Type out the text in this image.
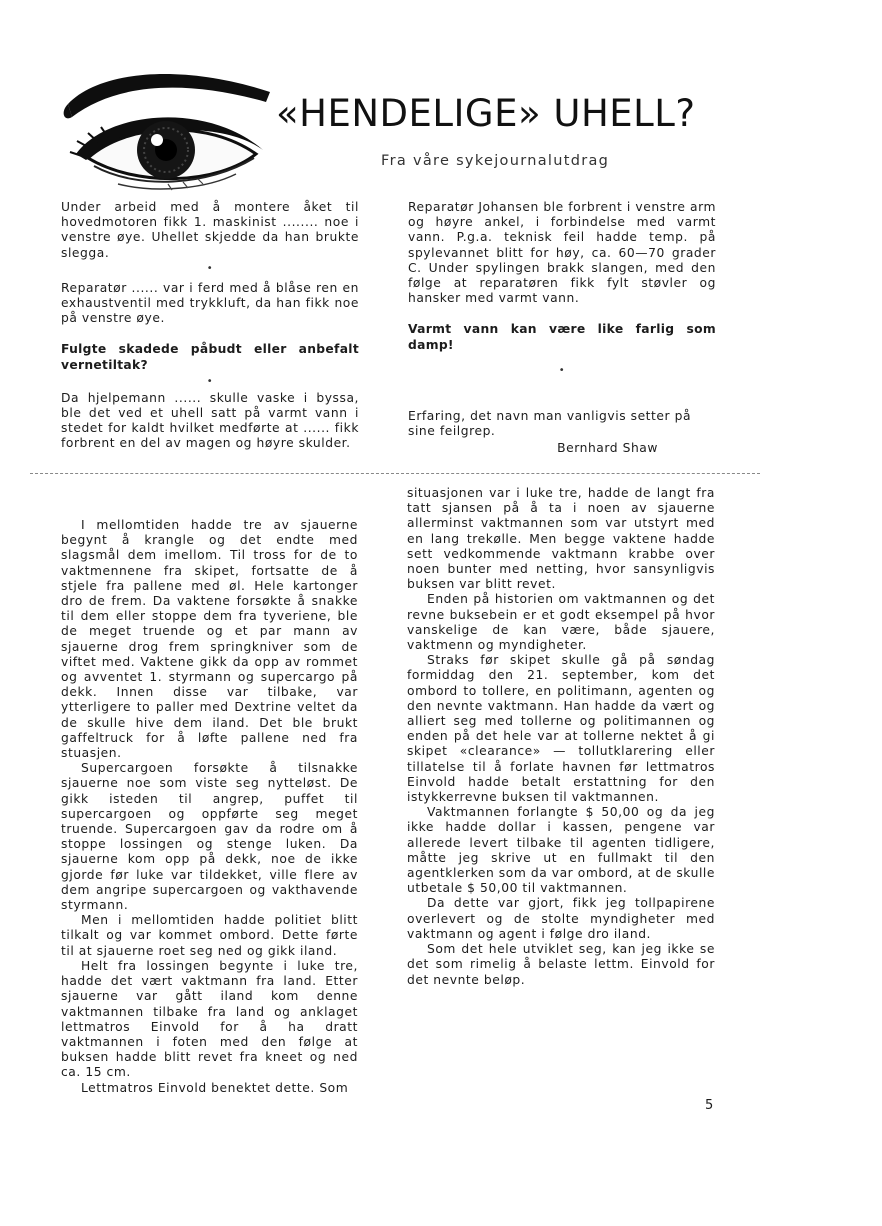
«HENDELIGE» UHELL?
Fra våre sykejournalutdrag

Under arbeid med å montere åket til hovedmotoren fikk 1. maskinist ........ noe i venstre øye. Uhellet skjedde da han brukte slegga.

•

Reparatør ...... var i ferd med å blåse ren en exhaustventil med trykkluft, da han fikk noe på venstre øye.

Fulgte skadede påbudt eller anbefalt vernetiltak?

•

Da hjelpemann ...... skulle vaske i byssa, ble det ved et uhell satt på varmt vann i stedet for kaldt hvilket medførte at ...... fikk forbrent en del av magen og høyre skulder.

Reparatør Johansen ble forbrent i venstre arm og høyre ankel, i forbindelse med varmt vann. P.g.a. teknisk feil hadde temp. på spylevannet blitt for høy, ca. 60—70 grader C. Under spylingen brakk slangen, med den følge at reparatøren fikk fylt støvler og hansker med varmt vann.

Varmt vann kan være like farlig som damp!

•

Erfaring, det navn man vanligvis setter på sine feilgrep.

Bernhard Shaw

I mellomtiden hadde tre av sjauerne begynt å krangle og det endte med slagsmål dem imellom. Til tross for de to vaktmennene fra skipet, fortsatte de å stjele fra pallene med øl. Hele kartonger dro de frem. Da vaktene forsøkte å snakke til dem eller stoppe dem fra tyveriene, ble de meget truende og et par mann av sjauerne drog frem springkniver som de viftet med. Vaktene gikk da opp av rommet og avventet 1. styrmann og supercargo på dekk. Innen disse var tilbake, var ytterligere to paller med Dextrine veltet da de skulle hive dem iland. Det ble brukt gaffeltruck for å løfte pallene ned fra stuasjen.

Supercargoen forsøkte å tilsnakke sjauerne noe som viste seg nytteløst. De gikk isteden til angrep, puffet til supercargoen og oppførte seg meget truende. Supercargoen gav da rodre om å stoppe lossingen og stenge luken. Da sjauerne kom opp på dekk, noe de ikke gjorde før luke var tildekket, ville flere av dem angripe supercargoen og vakthavende styrmann.

Men i mellomtiden hadde politiet blitt tilkalt og var kommet ombord. Dette førte til at sjauerne roet seg ned og gikk iland.

Helt fra lossingen begynte i luke tre, hadde det vært vaktmann fra land. Etter sjauerne var gått iland kom denne vaktmannen tilbake fra land og anklaget lettmatros Einvold for å ha dratt vaktmannen i foten med den følge at buksen hadde blitt revet fra kneet og ned ca. 15 cm.

Lettmatros Einvold benektet dette. Som

situasjonen var i luke tre, hadde de langt fra tatt sjansen på å ta i noen av sjauerne allerminst vaktmannen som var utstyrt med en lang trekølle. Men begge vaktene hadde sett vedkommende vaktmann krabbe over noen bunter med netting, hvor sansynligvis buksen var blitt revet.

Enden på historien om vaktmannen og det revne buksebein er et godt eksempel på hvor vanskelige de kan være, både sjauere, vaktmenn og myndigheter.

Straks før skipet skulle gå på søndag formiddag den 21. september, kom det ombord to tollere, en politimann, agenten og den nevnte vaktmann. Han hadde da vært og alliert seg med tollerne og politimannen og enden på det hele var at tollerne nektet å gi skipet «clearance» — tollutklarering eller tillatelse til å forlate havnen før lettmatros Einvold hadde betalt erstattning for den istykkerrevne buksen til vaktmannen.

Vaktmannen forlangte $ 50,00 og da jeg ikke hadde dollar i kassen, pengene var allerede levert tilbake til agenten tidligere, måtte jeg skrive ut en fullmakt til den agentklerken som da var ombord, at de skulle utbetale $ 50,00 til vaktmannen.

Da dette var gjort, fikk jeg tollpapirene overlevert og de stolte myndigheter med vaktmann og agent i følge dro iland.

Som det hele utviklet seg, kan jeg ikke se det som rimelig å belaste lettm. Einvold for det nevnte beløp.

5
